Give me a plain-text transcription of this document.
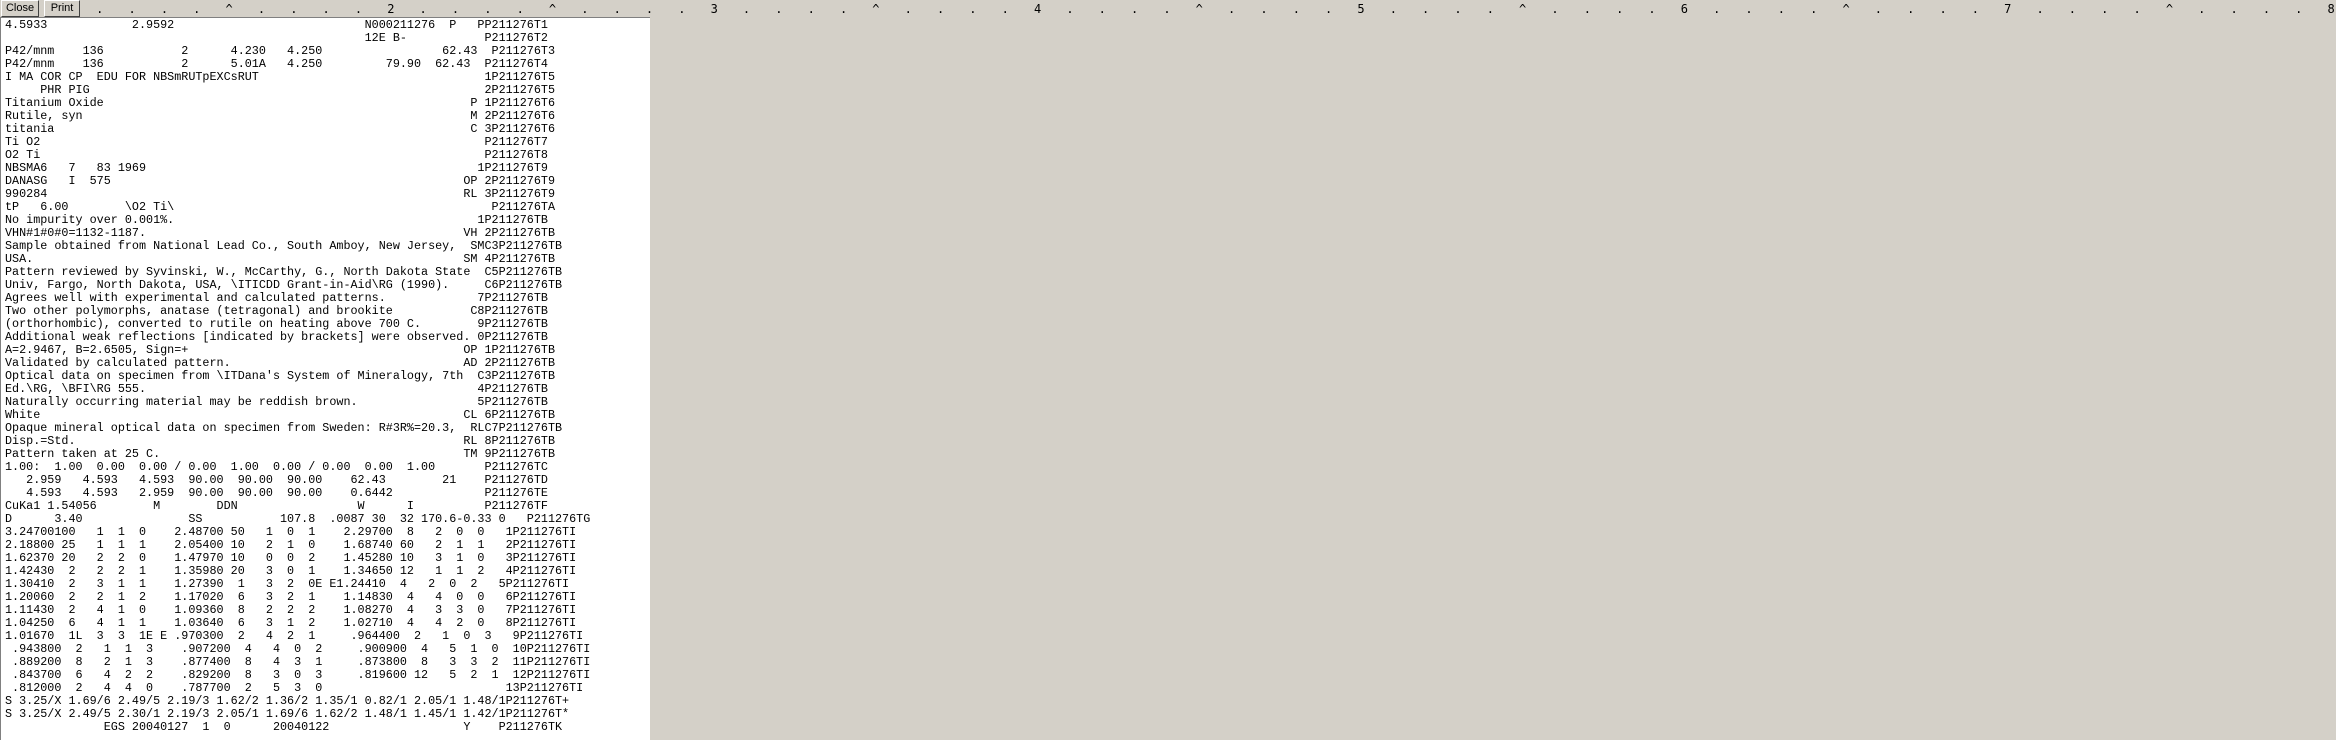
Close	Print .   .   .   .   ^   .   .   .   .   2   .   .   .   .   ^   .   .   .   .   3   .   .   .   .   ^   .   .   .   .   4   .   .   .   .   ^   .   .   .   .   5   .   .   .   .   ^   .   .   .   .   6   .   .   .   .   ^   .   .   .   .   7   .   .   .   .   ^   .   .   .   .   8
4.5933            2.9592                           N000211276  P   PP211276T1
12E B-           P211276T2
P42/mnm    136           2      4.230   4.250                 62.43  P211276T3
P42/mnm    136           2      5.01A   4.250         79.90  62.43  P211276T4
I MA COR CP  EDU FOR NBSmRUTpEXCsRUT                                1P211276T5
PHR PIG                                                        2P211276T5
Titanium Oxide                                                    P 1P211276T6
Rutile, syn                                                       M 2P211276T6
titania                                                           C 3P211276T6
Ti O2                                                               P211276T7
O2 Ti                                                               P211276T8
NBSMA6   7   83 1969                                               1P211276T9
DANASG   I  575                                                  OP 2P211276T9
990284                                                           RL 3P211276T9
tP   6.00        \O2 Ti\                                             P211276TA
No impurity over 0.001%.                                           1P211276TB
VHN#1#0#0=1132-1187.                                             VH 2P211276TB
Sample obtained from National Lead Co., South Amboy, New Jersey,  SMC3P211276TB
USA.                                                             SM 4P211276TB
Pattern reviewed by Syvinski, W., McCarthy, G., North Dakota State  C5P211276TB
Univ, Fargo, North Dakota, USA, \ITICDD Grant-in-Aid\RG (1990).     C6P211276TB
Agrees well with experimental and calculated patterns.             7P211276TB
Two other polymorphs, anatase (tetragonal) and brookite           C8P211276TB
(orthorhombic), converted to rutile on heating above 700 C.        9P211276TB
Additional weak reflections [indicated by brackets] were observed. 0P211276TB
A=2.9467, B=2.6505, Sign=+                                       OP 1P211276TB
Validated by calculated pattern.                                 AD 2P211276TB
Optical data on specimen from \ITDana's System of Mineralogy, 7th  C3P211276TB
Ed.\RG, \BFI\RG 555.                                               4P211276TB
Naturally occurring material may be reddish brown.                 5P211276TB
White                                                            CL 6P211276TB
Opaque mineral optical data on specimen from Sweden: R#3R%=20.3,  RLC7P211276TB
Disp.=Std.                                                       RL 8P211276TB
Pattern taken at 25 C.                                           TM 9P211276TB
1.00:  1.00  0.00  0.00 / 0.00  1.00  0.00 / 0.00  0.00  1.00       P211276TC
2.959   4.593   4.593  90.00  90.00  90.00    62.43        21    P211276TD
4.593   4.593   2.959  90.00  90.00  90.00    0.6442             P211276TE
CuKa1 1.54056        M        DDN                 W      I          P211276TF
D      3.40               SS           107.8  .0087 30  32 170.6-0.33 0   P211276TG
3.24700100   1  1  0    2.48700 50   1  0  1    2.29700  8   2  0  0   1P211276TI
2.18800 25   1  1  1    2.05400 10   2  1  0    1.68740 60   2  1  1   2P211276TI
1.62370 20   2  2  0    1.47970 10   0  0  2    1.45280 10   3  1  0   3P211276TI
1.42430  2   2  2  1    1.35980 20   3  0  1    1.34650 12   1  1  2   4P211276TI
1.30410  2   3  1  1    1.27390  1   3  2  0E E1.24410  4   2  0  2   5P211276TI
1.20060  2   2  1  2    1.17020  6   3  2  1    1.14830  4   4  0  0   6P211276TI
1.11430  2   4  1  0    1.09360  8   2  2  2    1.08270  4   3  3  0   7P211276TI
1.04250  6   4  1  1    1.03640  6   3  1  2    1.02710  4   4  2  0   8P211276TI
1.01670  1L  3  3  1E E .970300  2   4  2  1     .964400  2   1  0  3   9P211276TI
.943800  2   1  1  3    .907200  4   4  0  2     .900900  4   5  1  0  10P211276TI
.889200  8   2  1  3    .877400  8   4  3  1     .873800  8   3  3  2  11P211276TI
.843700  6   4  2  2    .829200  8   3  0  3     .819600 12   5  2  1  12P211276TI
.812000  2   4  4  0    .787700  2   5  3  0                          13P211276TI
S 3.25/X 1.69/6 2.49/5 2.19/3 1.62/2 1.36/2 1.35/1 0.82/1 2.05/1 1.48/1P211276T+
S 3.25/X 2.49/5 2.30/1 2.19/3 2.05/1 1.69/6 1.62/2 1.48/1 1.45/1 1.42/1P211276T*
EGS 20040127  1  0      20040122                   Y    P211276TK
